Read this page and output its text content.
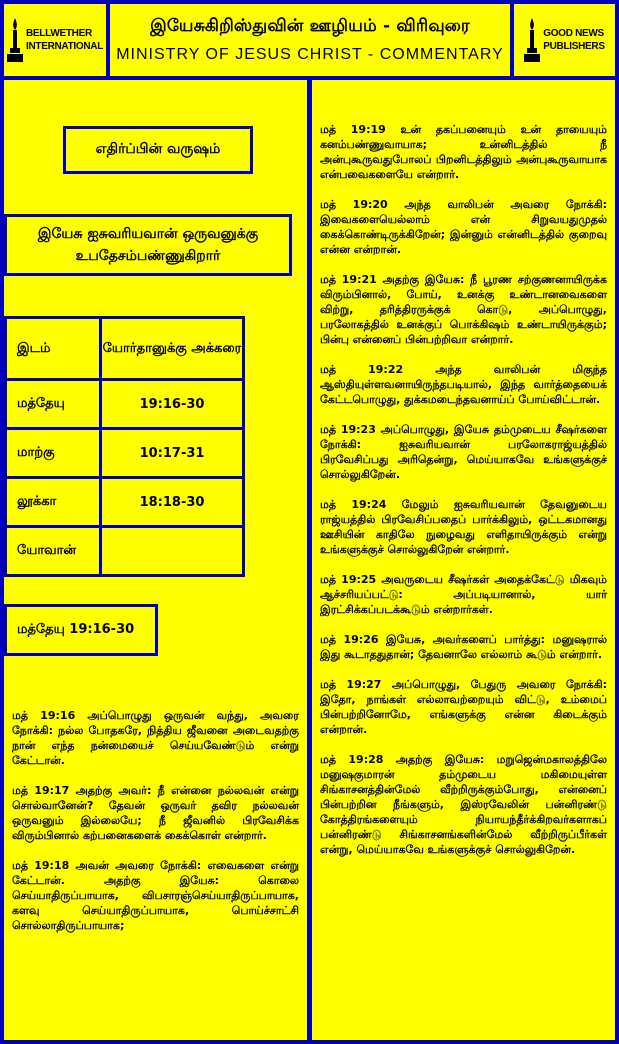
BELLWETHER
INTERNATIONAL
இயேசுகிறிஸ்துவின் ஊழியம் - விரிவுரை
MINISTRY OF JESUS CHRIST - COMMENTARY
GOOD NEWS
PUBLISHERS
எதிர்ப்பின் வருஷம்
இயேசு ஐசுவரியவான் ஒருவனுக்கு உபதேசம்பண்ணுகிறார்
இடம்	யோர்தானுக்கு அக்கரை
மத்தேயு	19:16-30
மாற்கு	10:17-31
லூக்கா	18:18-30
யோவான்	
மத்தேயு 19:16-30

மத் 19:16 அப்பொழுது ஒருவன் வந்து, அவரை நோக்கி: நல்ல போதகரே, நித்திய ஜீவனை அடைவதற்கு நான் எந்த நன்மையைச் செய்யவேண்டும் என்று கேட்டான்.

மத் 19:17 அதற்கு அவர்: நீ என்னை நல்லவன் என்று சொல்வானேன்? தேவன் ஒருவர் தவிர நல்லவன் ஒருவனும் இல்லையே; நீ ஜீவனில் பிரவேசிக்க விரும்பினால் கற்பனைகளைக் கைக்கொள் என்றார்.

மத் 19:18 அவன் அவரை நோக்கி: எவைகளை என்று கேட்டான். அதற்கு இயேசு: கொலை செய்யாதிருப்பாயாக, விபசாரஞ்செய்யாதிருப்பாயாக, களவு செய்யாதிருப்பாயாக, பொய்ச்சாட்சி சொல்லாதிருப்பாயாக;

மத் 19:19 உன் தகப்பனையும் உன் தாயையும் கனம்பண்ணுவாயாக; உன்னிடத்தில் நீ அன்புகூருவதுபோலப் பிறனிடத்திலும் அன்புகூருவாயாக என்பவைகளையே என்றார்.

மத் 19:20 அந்த வாலிபன் அவரை நோக்கி: இவைகளையெல்லாம் என் சிறுவயதுமுதல் கைக்கொண்டிருக்கிறேன்; இன்னும் என்னிடத்தில் குறைவு என்ன என்றான்.

மத் 19:21 அதற்கு இயேசு: நீ பூரண சற்குணனாயிருக்க விரும்பினால், போய், உனக்கு உண்டானவைகளை விற்று, தரித்திரருக்குக் கொடு, அப்பொழுது, பரலோகத்தில் உனக்குப் பொக்கிஷம் உண்டாயிருக்கும்; பின்பு என்னைப் பின்பற்றிவா என்றார்.

மத் 19:22 அந்த வாலிபன் மிகுந்த ஆஸ்தியுள்ளவனாயிருந்தபடியால், இந்த வார்த்தையைக் கேட்டபொழுது, துக்கமடைந்தவனாய்ப் போய்விட்டான்.

மத் 19:23 அப்பொழுது, இயேசு தம்முடைய சீஷர்களை நோக்கி: ஐசுவரியவான் பரலோகராஜ்யத்தில் பிரவேசிப்பது அரிதென்று, மெய்யாகவே உங்களுக்குச் சொல்லுகிறேன்.

மத் 19:24 மேலும் ஐசுவரியவான் தேவனுடைய ராஜ்யத்தில் பிரவேசிப்பதைப் பார்க்கிலும், ஒட்டகமானது ஊசியின் காதிலே நுழைவது எளிதாயிருக்கும் என்று உங்களுக்குச் சொல்லுகிறேன் என்றார்.

மத் 19:25 அவருடைய சீஷர்கள் அதைக்கேட்டு மிகவும் ஆச்சரியப்பட்டு: அப்படியானால், யார் இரட்சிக்கப்படக்கூடும் என்றார்கள்.

மத் 19:26 இயேசு, அவர்களைப் பார்த்து: மனுஷரால் இது கூடாததுதான்; தேவனாலே எல்லாம் கூடும் என்றார்.

மத் 19:27 அப்பொழுது, பேதுரு அவரை நோக்கி: இதோ, நாங்கள் எல்லாவற்றையும் விட்டு, உம்மைப் பின்பற்றினோமே, எங்களுக்கு என்ன கிடைக்கும் என்றான்.

மத் 19:28 அதற்கு இயேசு: மறுஜென்மகாலத்திலே மனுஷகுமாரன் தம்முடைய மகிமையுள்ள சிங்காசனத்தின்மேல் வீற்றிருக்கும்போது, என்னைப் பின்பற்றின நீங்களும், இஸ்ரவேலின் பன்னிரண்டு கோத்திரங்களையும் நியாயந்தீர்க்கிறவர்களாகப் பன்னிரண்டு சிங்காசனங்களின்மேல் வீற்றிருப்பீர்கள் என்று, மெய்யாகவே உங்களுக்குச் சொல்லுகிறேன்.
